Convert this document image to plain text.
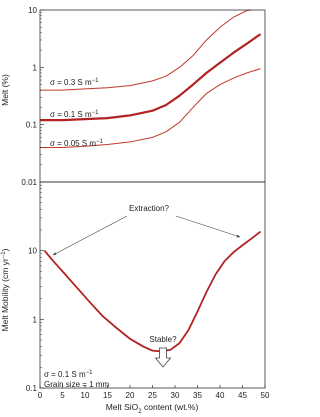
0.01
0.1
1
10
σ = 0.3 S $m^{-1}$
σ = 0.1 S $m^{-1}$
σ = 0.05 S $m^{-1}$
Melt (%)
0.1
1
10
0 5 10 15 20 25 30 35 40 45 50
Melt Mobility (cm $yr^{-1}$)
Melt SiO$_2$ content (wt.%)
Extraction?
Stable?
σ = 0.1 S $m^{-1}$
Grain size = 1 mm
